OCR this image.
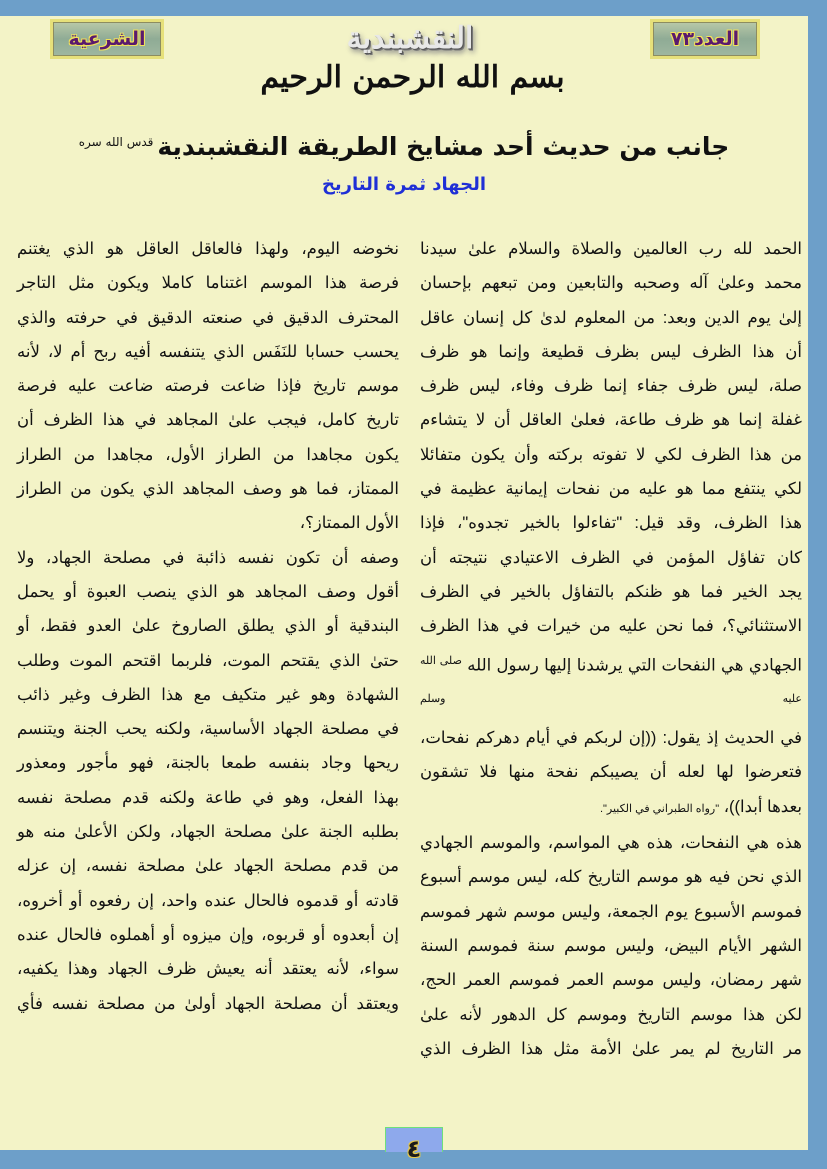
العدد٧٣
الشرعية	النقشبندية
بسم الله الرحمن الرحيم
جانب من حديث أحد مشايخ الطريقة النقشبندية$^{قدس الله سره}$
الجهاد ثمرة التاريخ
الحمد لله رب العالمين والصلاة والسلام علىٰ سيدنا
محمد وعلىٰ آله وصحبه والتابعين ومن تبعهم بإحسان
إلىٰ يوم الدين وبعد: من المعلوم لدىٰ كل إنسان عاقل
أن هذا الظرف ليس بظرف قطيعة وإنما هو ظرف
صلة، ليس ظرف جفاء إنما ظرف وفاء، ليس ظرف
غفلة إنما هو ظرف طاعة، فعلىٰ العاقل أن لا يتشاءم
من هذا الظرف لكي لا تفوته بركته وأن يكون متفائلا
لكي ينتفع مما هو عليه من نفحات إيمانية عظيمة في
هذا الظرف، وقد قيل: "تفاءلوا بالخير تجدوه"، فإذا
كان تفاؤل المؤمن في الظرف الاعتيادي نتيجته أن
يجد الخير فما هو ظنكم بالتفاؤل بالخير في الظرف
الاستثنائي؟، فما نحن عليه من خيرات في هذا الظرف
الجهادي هي النفحات التي يرشدنا إليها رسول الله $^{صلى الله عليه وسلم}$
في الحديث إذ يقول: ((إن لربكم في أيام دهركم نفحات،
فتعرضوا لها لعله أن يصيبكم نفحة منها فلا تشقون
بعدها أبدا))، "رواه الطبراني في الكبير".
هذه هي النفحات، هذه هي المواسم، والموسم الجهادي
الذي نحن فيه هو موسم التاريخ كله، ليس موسم أسبوع
فموسم الأسبوع يوم الجمعة، وليس موسم شهر فموسم
الشهر الأيام البيض، وليس موسم سنة فموسم السنة
شهر رمضان، وليس موسم العمر فموسم العمر الحج،
لكن هذا موسم التاريخ وموسم كل الدهور لأنه علىٰ
مر التاريخ لم يمر علىٰ الأمة مثل هذا الظرف الذي
نخوضه اليوم، ولهذا فالعاقل العاقل هو الذي يغتنم
فرصة هذا الموسم اغتناما كاملا ويكون مثل التاجر
المحترف الدقيق في صنعته الدقيق في حرفته والذي
يحسب حسابا للنَفَس الذي يتنفسه أفيه ربح أم لا، لأنه
موسم تاريخ فإذا ضاعت فرصته ضاعت عليه فرصة
تاريخ كامل، فيجب علىٰ المجاهد في هذا الظرف أن
يكون مجاهدا من الطراز الأول، مجاهدا من الطراز
الممتاز، فما هو وصف المجاهد الذي يكون من الطراز
الأول الممتاز؟،
وصفه أن تكون نفسه ذائبة في مصلحة الجهاد، ولا
أقول وصف المجاهد هو الذي ينصب العبوة أو يحمل
البندقية أو الذي يطلق الصاروخ علىٰ العدو فقط، أو
حتىٰ الذي يقتحم الموت، فلربما اقتحم الموت وطلب
الشهادة وهو غير متكيف مع هذا الظرف وغير ذائب
في مصلحة الجهاد الأساسية، ولكنه يحب الجنة ويتنسم
ريحها وجاد بنفسه طمعا بالجنة، فهو مأجور ومعذور
بهذا الفعل، وهو في طاعة ولكنه قدم مصلحة نفسه
بطلبه الجنة علىٰ مصلحة الجهاد، ولكن الأعلىٰ منه هو
من قدم مصلحة الجهاد علىٰ مصلحة نفسه، إن عزله
قادته أو قدموه فالحال عنده واحد، إن رفعوه أو أخروه،
إن أبعدوه أو قربوه، وإن ميزوه أو أهملوه فالحال عنده
سواء، لأنه يعتقد أنه يعيش ظرف الجهاد وهذا يكفيه،
ويعتقد أن مصلحة الجهاد أولىٰ من مصلحة نفسه فأي
٤
